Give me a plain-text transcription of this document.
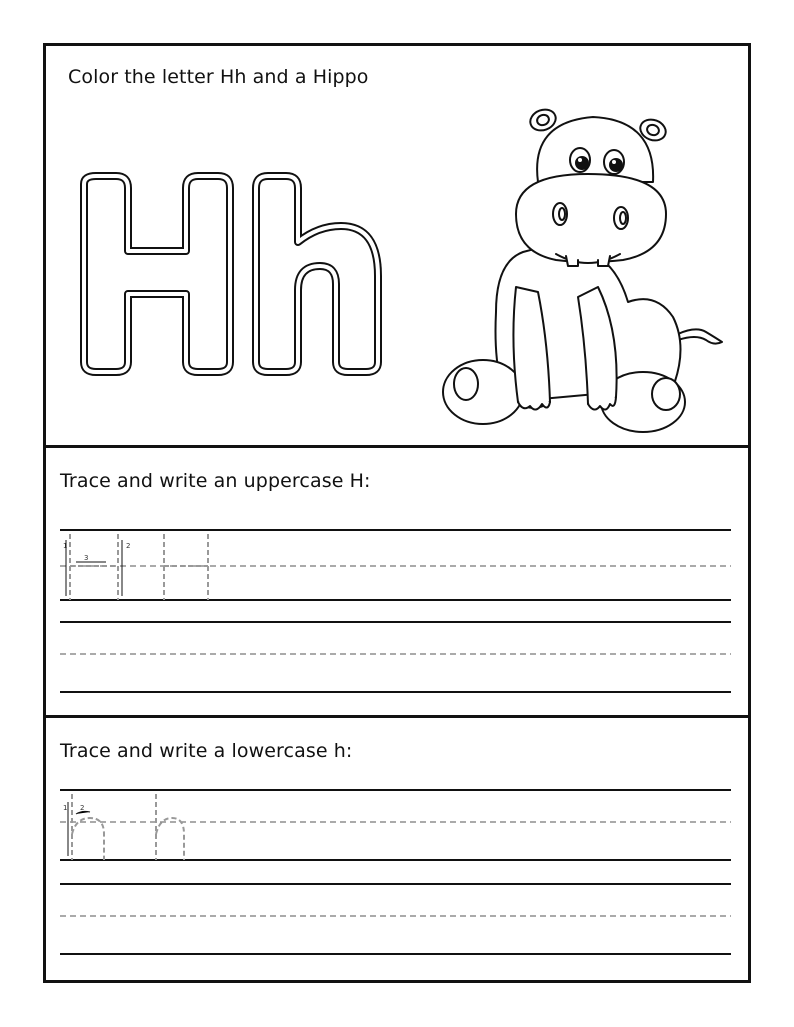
Color the letter Hh and a Hippo
Trace and write an uppercase H:
1	2
3
Trace and write a lowercase h:
1 2
